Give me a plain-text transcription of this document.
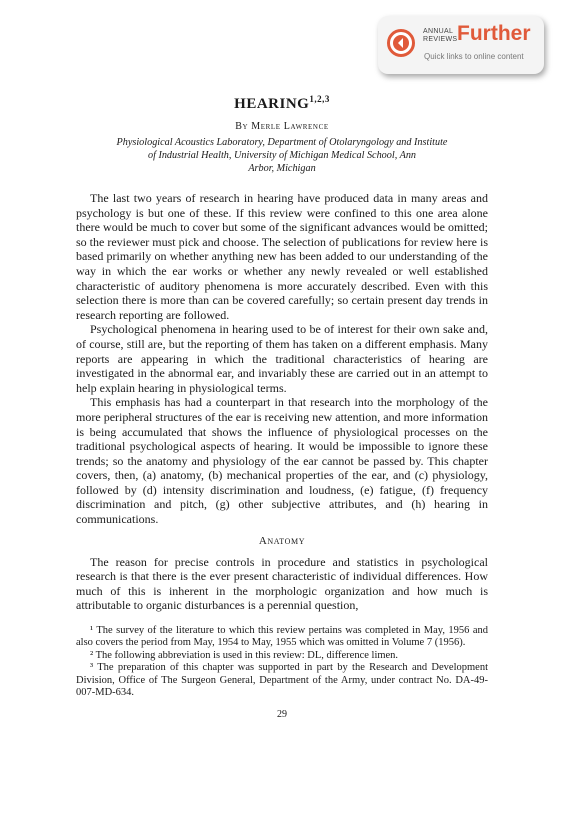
ANNUAL
REVIEWS Further
Quick links to online content
HEARING$^{1,2,3}$
By Merle Lawrence
Physiological Acoustics Laboratory, Department of Otolaryngology and Institute
of Industrial Health, University of Michigan Medical School, Ann
Arbor, Michigan

The last two years of research in hearing have produced data in many areas and psychology is but one of these. If this review were confined to this one area alone there would be much to cover but some of the significant advances would be omitted; so the reviewer must pick and choose. The selection of publications for review here is based primarily on whether anything new has been added to our understanding of the way in which the ear works or whether any newly revealed or well established characteristic of auditory phenomena is more accurately described. Even with this selection there is more than can be covered carefully; so certain present day trends in research reporting are followed.

Psychological phenomena in hearing used to be of interest for their own sake and, of course, still are, but the reporting of them has taken on a different emphasis. Many reports are appearing in which the traditional characteristics of hearing are investigated in the abnormal ear, and invariably these are carried out in an attempt to help explain hearing in physiological terms.

This emphasis has had a counterpart in that research into the morphology of the more peripheral structures of the ear is receiving new attention, and more information is being accumulated that shows the influence of physiological processes on the traditional psychological aspects of hearing. It would be impossible to ignore these trends; so the anatomy and physiology of the ear cannot be passed by. This chapter covers, then, (a) anatomy, (b) mechanical properties of the ear, and (c) physiology, followed by (d) intensity discrimination and loudness, (e) fatigue, (f) frequency discrimination and pitch, (g) other subjective attributes, and (h) hearing in communications.

Anatomy

The reason for precise controls in procedure and statistics in psychological research is that there is the ever present characteristic of individual differences. How much of this is inherent in the morphologic organization and how much is attributable to organic disturbances is a perennial question,

¹ The survey of the literature to which this review pertains was completed in May, 1956 and also covers the period from May, 1954 to May, 1955 which was omitted in Volume 7 (1956).

² The following abbreviation is used in this review: DL, difference limen.

³ The preparation of this chapter was supported in part by the Research and Development Division, Office of The Surgeon General, Department of the Army, under contract No. DA-49-007-MD-634.

29
